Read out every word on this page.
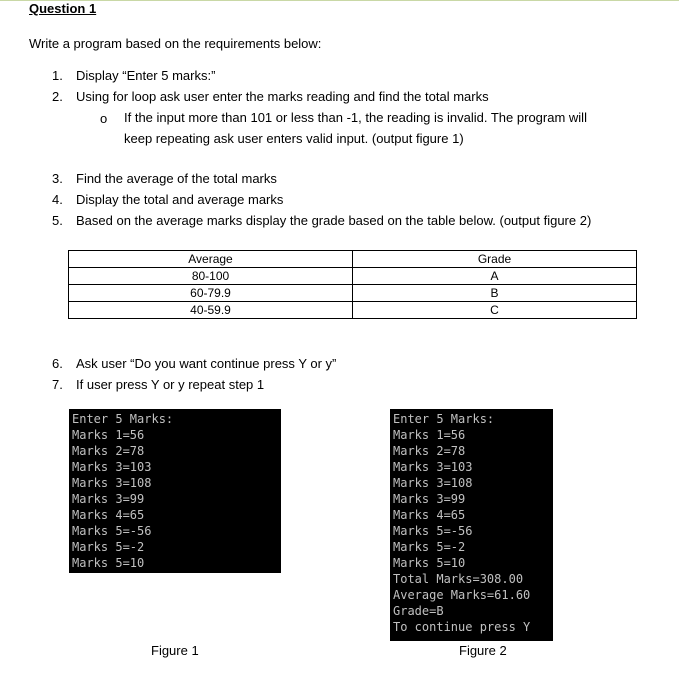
Question 1
Write a program based on the requirements below:
1. Display “Enter 5 marks:”
2. Using for loop ask user enter the marks reading and find the total marks
o If the input more than 101 or less than -1, the reading is invalid. The program will
keep repeating ask user enters valid input. (output figure 1)
3. Find the average of the total marks
4. Display the total and average marks
5. Based on the average marks display the grade based on the table below. (output figure 2)
Average	Grade
80-100	A
60-79.9	B
40-59.9	C
6. Ask user “Do you want continue press Y or y”
7. If user press Y or y repeat step 1
Enter 5 Marks:
Marks 1=56
Marks 2=78
Marks 3=103
Marks 3=108
Marks 3=99
Marks 4=65
Marks 5=-56
Marks 5=-2
Marks 5=10
Enter 5 Marks:
Marks 1=56
Marks 2=78
Marks 3=103
Marks 3=108
Marks 3=99
Marks 4=65
Marks 5=-56
Marks 5=-2
Marks 5=10
Total Marks=308.00
Average Marks=61.60
Grade=B
To continue press Y
Figure 1	Figure 2
